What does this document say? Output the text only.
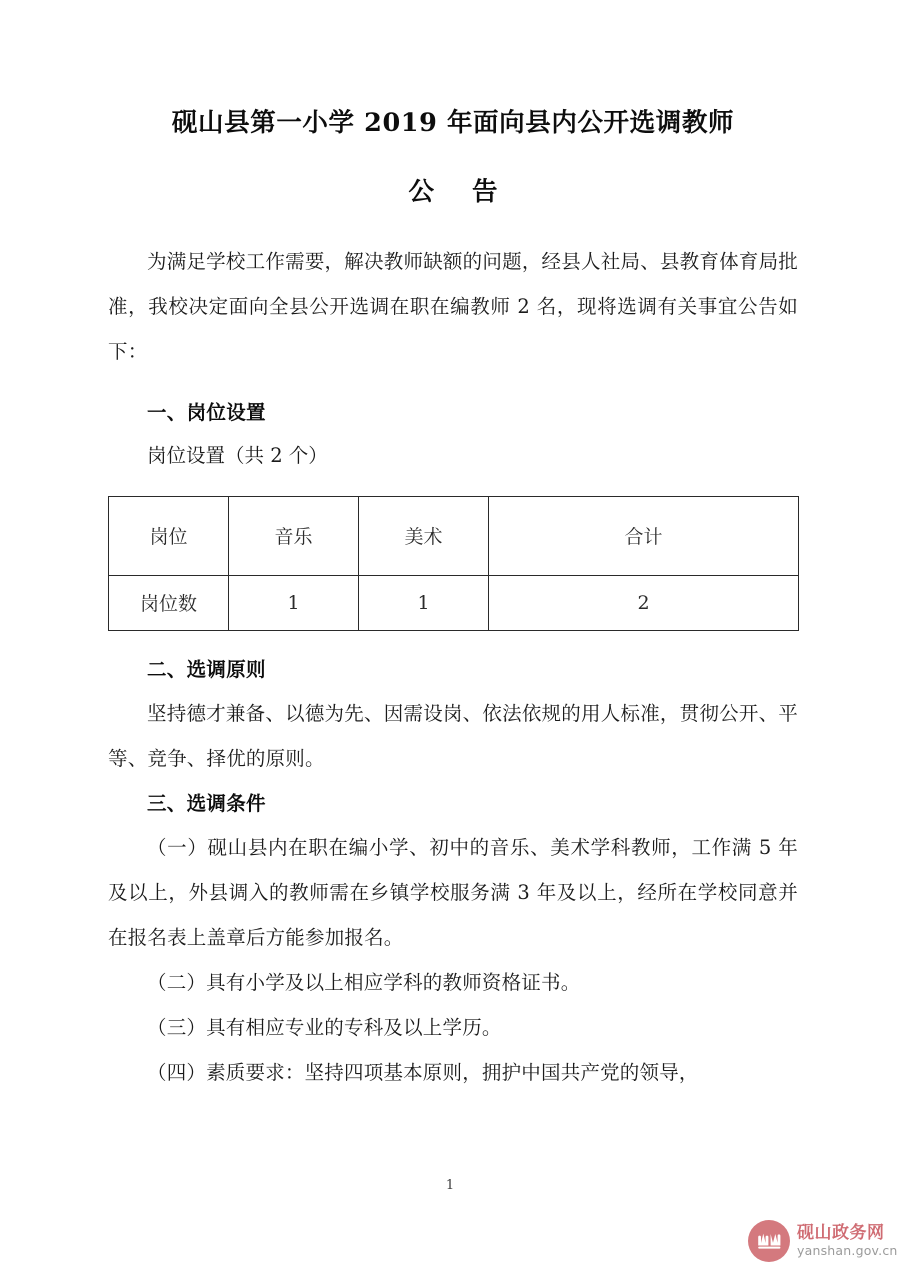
砚山县第一小学 2019 年面向县内公开选调教师
公 告

为满足学校工作需要，解决教师缺额的问题，经县人社局、县教育体育局批准，我校决定面向全县公开选调在职在编教师 2 名，现将选调有关事宜公告如下：

一、岗位设置

岗位设置（共 2 个）

岗位	音乐	美术	合计
岗位数	1	1	2
二、选调原则

坚持德才兼备、以德为先、因需设岗、依法依规的用人标准，贯彻公开、平等、竞争、择优的原则。

三、选调条件

（一）砚山县内在职在编小学、初中的音乐、美术学科教师，工作满 5 年及以上，外县调入的教师需在乡镇学校服务满 3 年及以上，经所在学校同意并在报名表上盖章后方能参加报名。

（二）具有小学及以上相应学科的教师资格证书。

（三）具有相应专业的专科及以上学历。

（四）素质要求：坚持四项基本原则，拥护中国共产党的领导，

1
砚山政务网
yanshan.gov.cn
